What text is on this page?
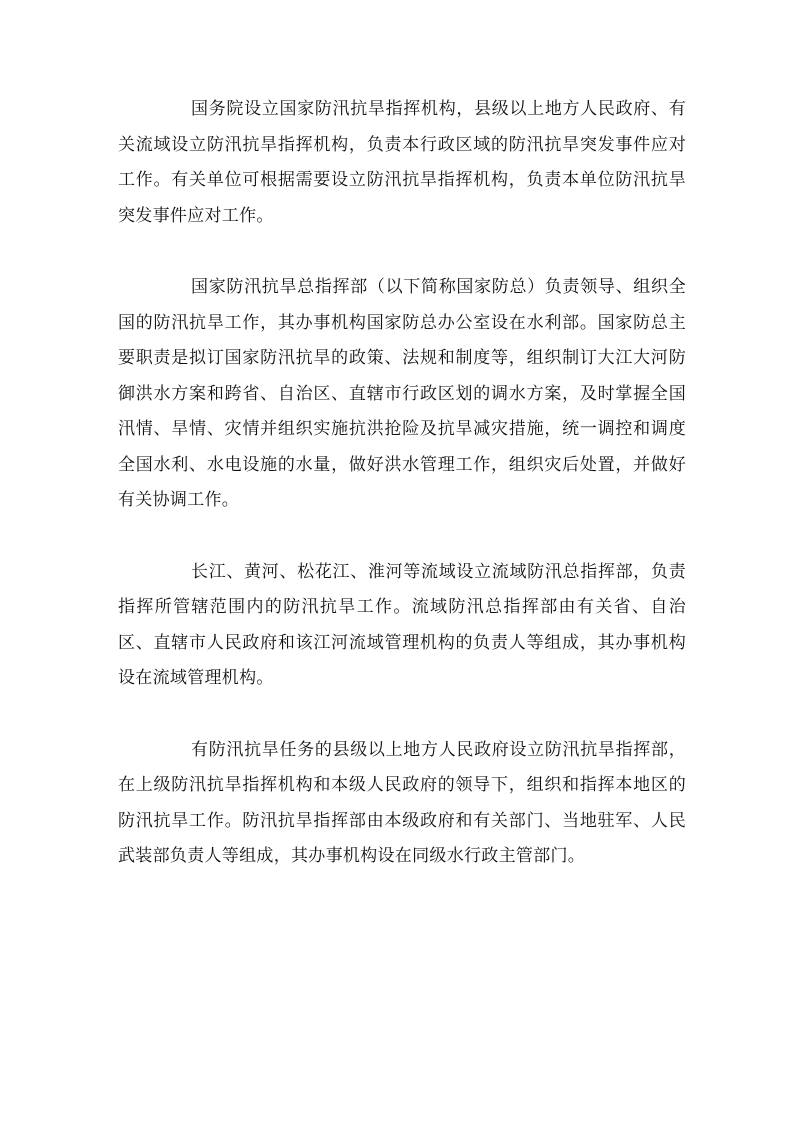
国务院设立国家防汛抗旱指挥机构，县级以上地方人民政府、有关流域设立防汛抗旱指挥机构，负责本行政区域的防汛抗旱突发事件应对工作。有关单位可根据需要设立防汛抗旱指挥机构，负责本单位防汛抗旱突发事件应对工作。

国家防汛抗旱总指挥部（以下简称国家防总）负责领导、组织全国的防汛抗旱工作，其办事机构国家防总办公室设在水利部。国家防总主要职责是拟订国家防汛抗旱的政策、法规和制度等，组织制订大江大河防御洪水方案和跨省、自治区、直辖市行政区划的调水方案，及时掌握全国汛情、旱情、灾情并组织实施抗洪抢险及抗旱减灾措施，统一调控和调度全国水利、水电设施的水量，做好洪水管理工作，组织灾后处置，并做好有关协调工作。

长江、黄河、松花江、淮河等流域设立流域防汛总指挥部，负责指挥所管辖范围内的防汛抗旱工作。流域防汛总指挥部由有关省、自治区、直辖市人民政府和该江河流域管理机构的负责人等组成，其办事机构设在流域管理机构。

有防汛抗旱任务的县级以上地方人民政府设立防汛抗旱指挥部，在上级防汛抗旱指挥机构和本级人民政府的领导下，组织和指挥本地区的防汛抗旱工作。防汛抗旱指挥部由本级政府和有关部门、当地驻军、人民武装部负责人等组成，其办事机构设在同级水行政主管部门。
